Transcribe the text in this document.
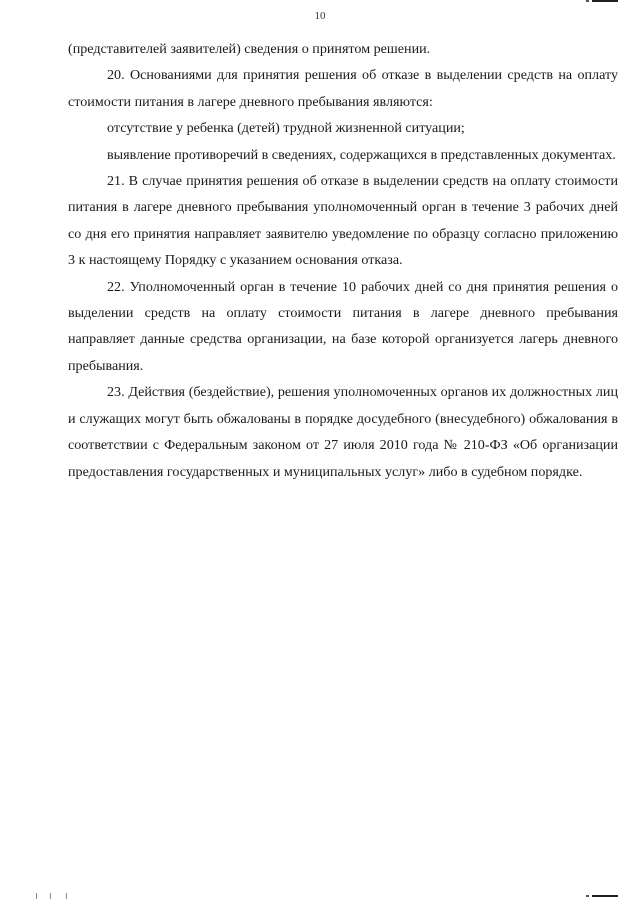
10

(представителей заявителей) сведения о принятом решении.

20. Основаниями для принятия решения об отказе в выделении средств на оплату стоимости питания в лагере дневного пребывания являются:

отсутствие у ребенка (детей) трудной жизненной ситуации;

выявление противоречий в сведениях, содержащихся в представленных документах.

21. В случае принятия решения об отказе в выделении средств на оплату стоимости питания в лагере дневного пребывания уполномоченный орган в течение 3 рабочих дней со дня его принятия направляет заявителю уведомление по образцу согласно приложению 3 к настоящему Порядку с указанием основания отказа.

22. Уполномоченный орган в течение 10 рабочих дней со дня принятия решения о выделении средств на оплату стоимости питания в лагере дневного пребывания направляет данные средства организации, на базе которой организуется лагерь дневного пребывания.

23. Действия (бездействие), решения уполномоченных органов их должностных лиц и служащих могут быть обжалованы в порядке досудебного (внесудебного) обжалования в соответствии с Федеральным законом от 27 июля 2010 года № 210-ФЗ «Об организации предоставления государственных и муниципальных услуг» либо в судебном порядке.
